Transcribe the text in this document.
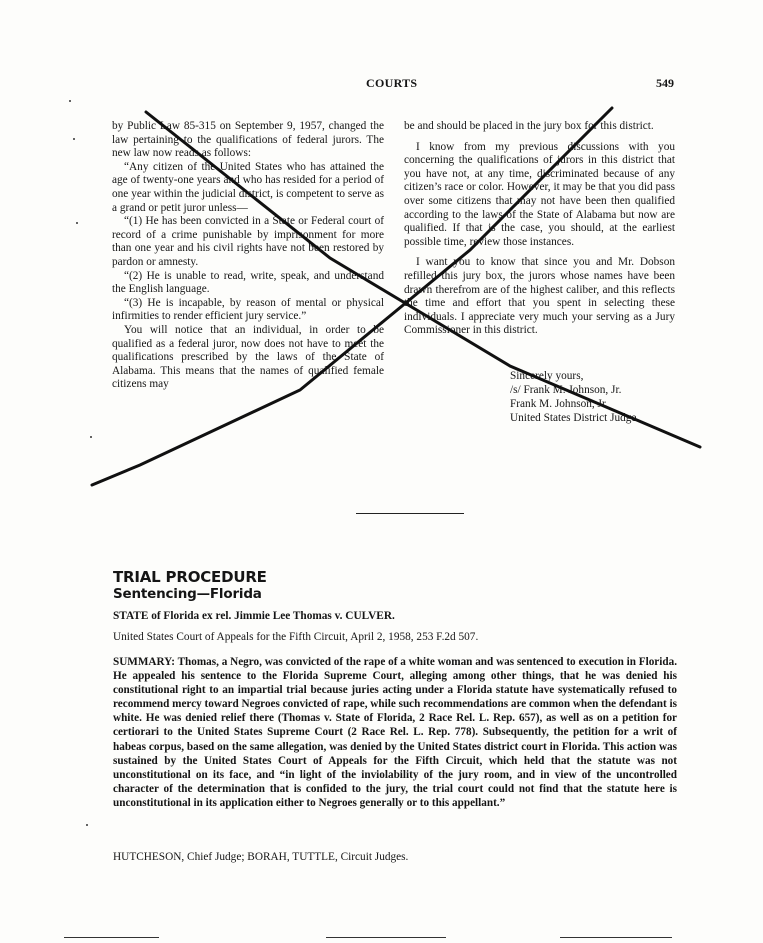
COURTS	549

by Public Law 85-315 on September 9, 1957, changed the law pertaining to the qualifications of federal jurors. The new law now reads as follows:

“Any citizen of the United States who has attained the age of twenty-one years and who has resided for a period of one year within the judicial district, is competent to serve as a grand or petit juror unless—

“(1) He has been convicted in a State or Federal court of record of a crime punishable by imprisonment for more than one year and his civil rights have not been restored by pardon or amnesty.

“(2) He is unable to read, write, speak, and understand the English language.

“(3) He is incapable, by reason of mental or physical infirmities to render efficient jury service.”

You will notice that an individual, in order to be qualified as a federal juror, now does not have to meet the qualifications prescribed by the laws of the State of Alabama. This means that the names of qualified female citizens may

be and should be placed in the jury box for this district.

I know from my previous discussions with you concerning the qualifications of jurors in this district that you have not, at any time, discriminated because of any citizen’s race or color. However, it may be that you did pass over some citizens that may not have been then qualified according to the laws of the State of Alabama but now are qualified. If that is the case, you should, at the earliest possible time, review those instances.

I want you to know that since you and Mr. Dobson refilled this jury box, the jurors whose names have been drawn therefrom are of the highest caliber, and this reflects the time and effort that you spent in selecting these individuals. I appreciate very much your serving as a Jury Commissioner in this district.

Sincerely yours,
/s/ Frank M. Johnson, Jr.
Frank M. Johnson, Jr.
United States District Judge
TRIAL PROCEDURE
Sentencing—Florida
STATE of Florida ex rel. Jimmie Lee Thomas v. CULVER.
United States Court of Appeals for the Fifth Circuit, April 2, 1958, 253 F.2d 507.
SUMMARY: Thomas, a Negro, was convicted of the rape of a white woman and was sentenced to execution in Florida. He appealed his sentence to the Florida Supreme Court, alleging among other things, that he was denied his constitutional right to an impartial trial because juries acting under a Florida statute have systematically refused to recommend mercy toward Negroes convicted of rape, while such recommendations are common when the defendant is white. He was denied relief there (Thomas v. State of Florida, 2 Race Rel. L. Rep. 657), as well as on a petition for certiorari to the United States Supreme Court (2 Race Rel. L. Rep. 778). Subsequently, the petition for a writ of habeas corpus, based on the same allegation, was denied by the United States district court in Florida. This action was sustained by the United States Court of Appeals for the Fifth Circuit, which held that the statute was not unconstitutional on its face, and “in light of the inviolability of the jury room, and in view of the uncontrolled character of the determination that is confided to the jury, the trial court could not find that the statute here is unconstitutional in its application either to Negroes generally or to this appellant.”
HUTCHESON, Chief Judge; BORAH, TUTTLE, Circuit Judges.
